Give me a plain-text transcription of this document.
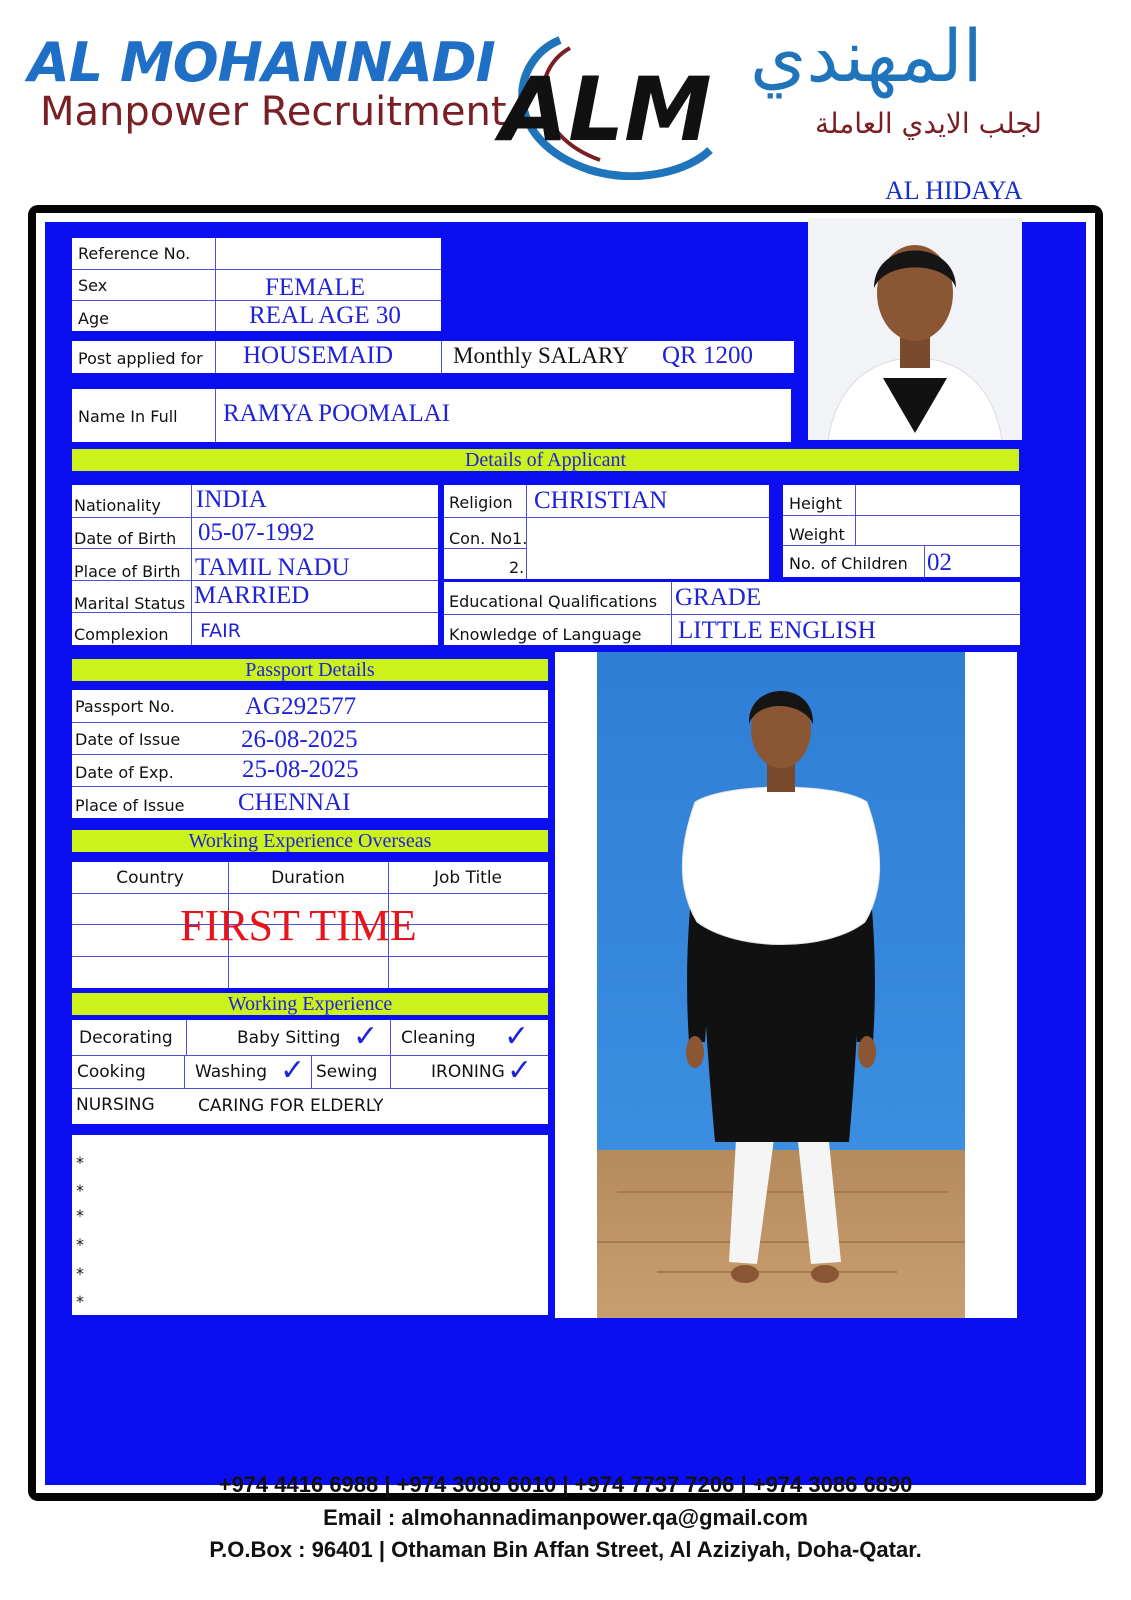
AL MOHANNADI
Manpower Recruitment
ALM
المهندي
لجلب الايدي العاملة
AL HIDAYA
Reference No.
Sex	FEMALE
Age	REAL AGE 30
Post applied for HOUSEMAID	Monthly SALARY QR 1200
Name In Full RAMYA POOMALAI
Details of Applicant
Nationality INDIA
Date of Birth 05-07-1992
Place of Birth TAMIL NADU
Marital Status MARRIED
Complexion FAIR
Religion CHRISTIAN
Con. No1.
2.
Height
Weight
No. of Children 02
Educational Qualifications GRADE
Knowledge of Language LITTLE ENGLISH
Passport Details
Passport No.	AG292577
Date of Issue 26-08-2025
Date of Exp.	25-08-2025
Place of Issue CHENNAI
Working Experience Overseas
Country	Duration	Job Title
FIRST TIME
Working Experience
Decorating	Baby Sitting ✓ Cleaning ✓
Cooking	Washing ✓ Sewing	IRONING ✓
NURSING	CARING FOR ELDERLY
*
*
*
*
*
*
+974 4416 6988 | +974 3086 6010 | +974 7737 7206 | +974 3086 6890
Email : almohannadimanpower.qa@gmail.com
P.O.Box : 96401 | Othaman Bin Affan Street, Al Aziziyah, Doha-Qatar.
